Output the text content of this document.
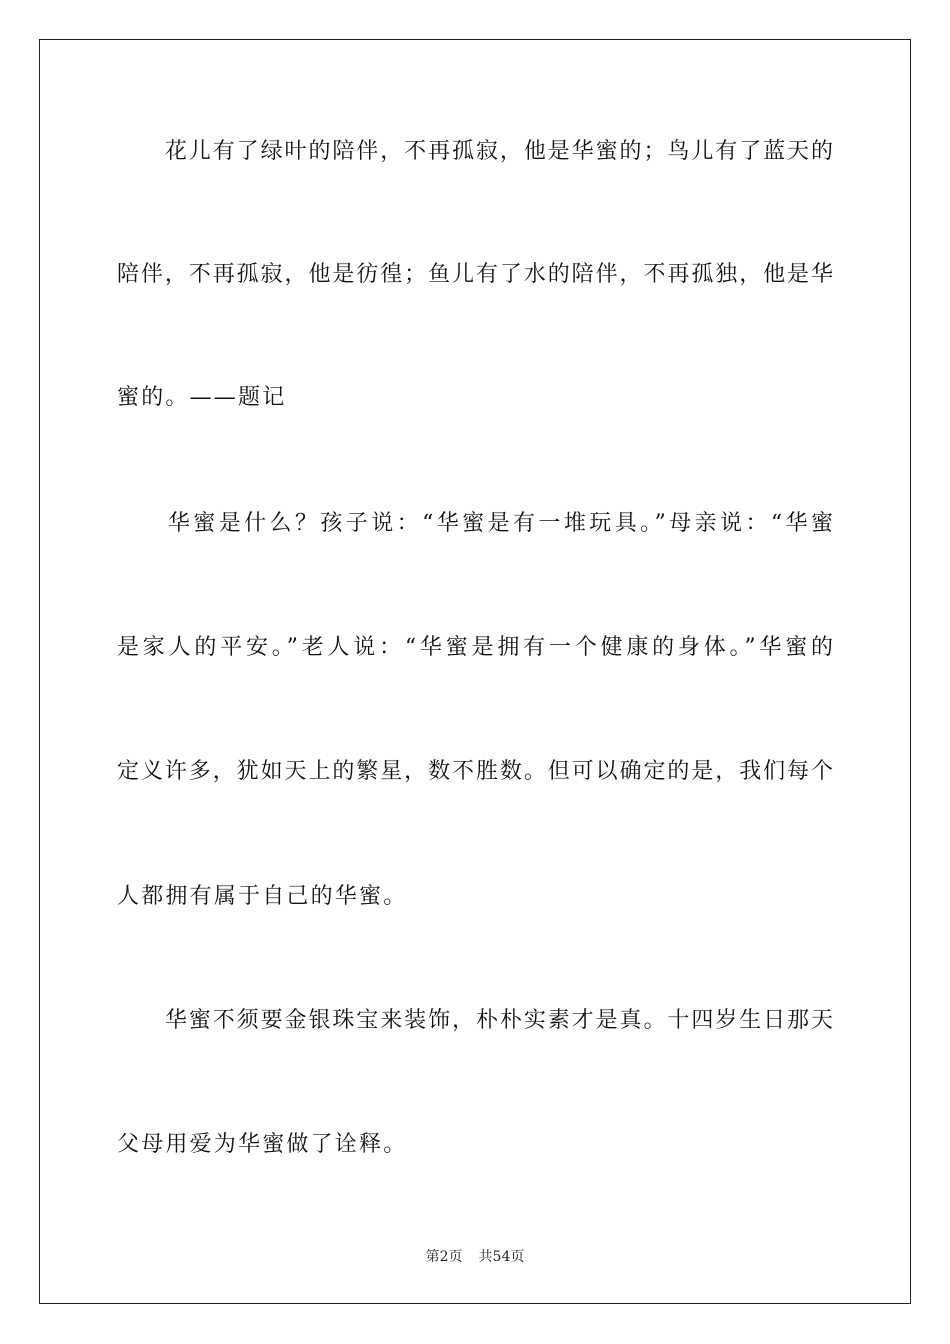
　　花儿有了绿叶的陪伴，不再孤寂，他是华蜜的；鸟儿有了蓝天的
陪伴，不再孤寂，他是彷徨；鱼儿有了水的陪伴，不再孤独，他是华
蜜的。——题记
　　华蜜是什么？孩子说：“华蜜是有一堆玩具。”母亲说：“华蜜
是家人的平安。”老人说：“华蜜是拥有一个健康的身体。”华蜜的
定义许多，犹如天上的繁星，数不胜数。但可以确定的是，我们每个
人都拥有属于自己的华蜜。
　　华蜜不须要金银珠宝来装饰，朴朴实素才是真。十四岁生日那天
父母用爱为华蜜做了诠释。
第2页 共54页
